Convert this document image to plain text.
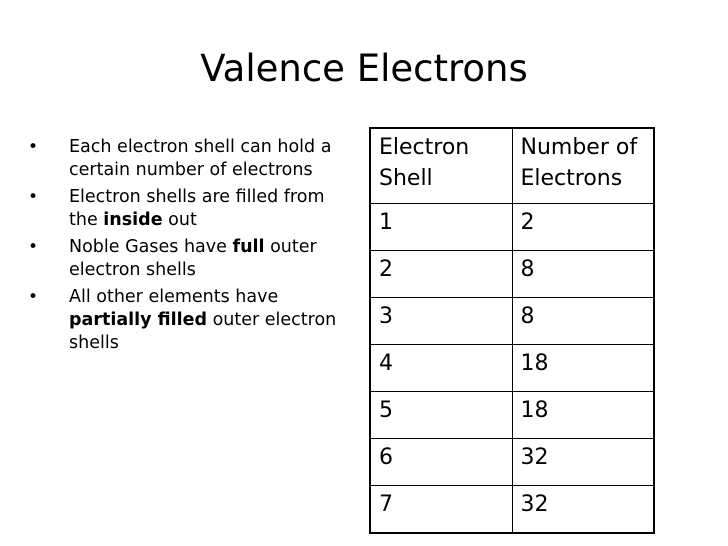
Valence Electrons
• Each electron shell can hold a certain number of electrons
• Electron shells are filled from the inside out
• Noble Gases have full outer electron shells
• All other elements have partially filled outer electron shells
Electron Shell	Number of Electrons
1	2
2	8
3	8
4	18
5	18
6	32
7	32
